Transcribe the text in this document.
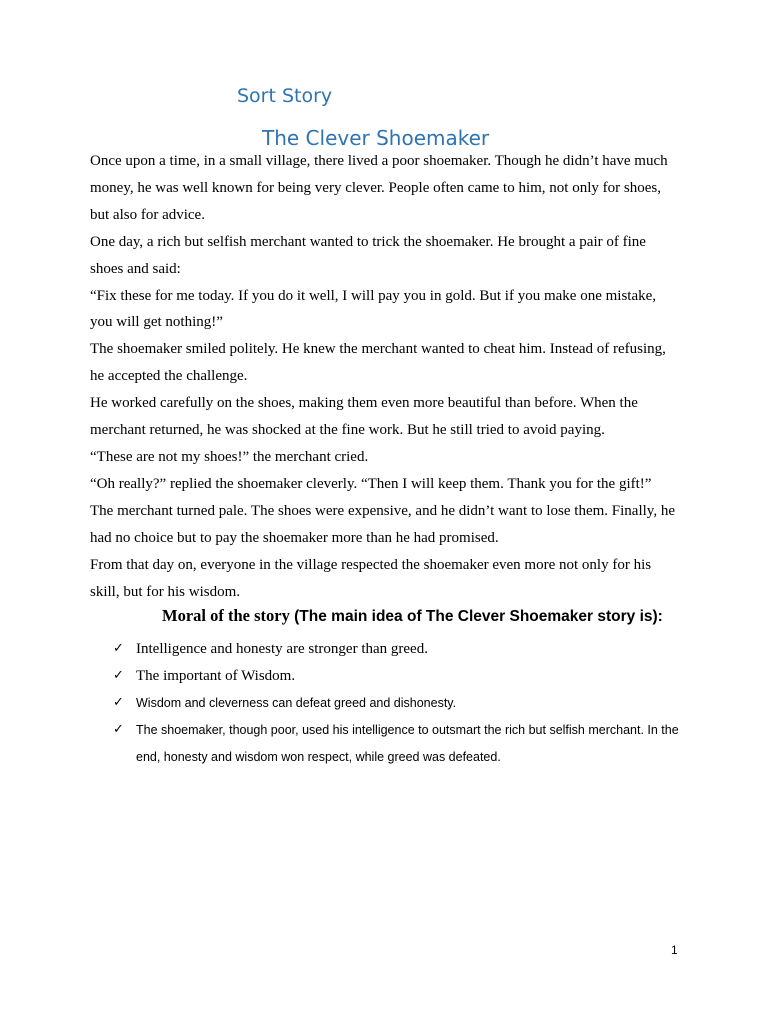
Sort Story
The Clever Shoemaker

Once upon a time, in a small village, there lived a poor shoemaker. Though he didn’t have much money, he was well known for being very clever. People often came to him, not only for shoes, but also for advice.

One day, a rich but selfish merchant wanted to trick the shoemaker. He brought a pair of fine shoes and said:

“Fix these for me today. If you do it well, I will pay you in gold. But if you make one mistake, you will get nothing!”

The shoemaker smiled politely. He knew the merchant wanted to cheat him. Instead of refusing, he accepted the challenge.

He worked carefully on the shoes, making them even more beautiful than before. When the merchant returned, he was shocked at the fine work. But he still tried to avoid paying.

“These are not my shoes!” the merchant cried.

“Oh really?” replied the shoemaker cleverly. “Then I will keep them. Thank you for the gift!”

The merchant turned pale. The shoes were expensive, and he didn’t want to lose them. Finally, he had no choice but to pay the shoemaker more than he had promised.

From that day on, everyone in the village respected the shoemaker even more not only for his skill, but for his wisdom.

Moral of the story (The main idea of The Clever Shoemaker story is):
✓ Intelligence and honesty are stronger than greed.
✓ The important of Wisdom.
✓ Wisdom and cleverness can defeat greed and dishonesty.
✓ The shoemaker, though poor, used his intelligence to outsmart the rich but selfish merchant. In the end, honesty and wisdom won respect, while greed was defeated.
1
